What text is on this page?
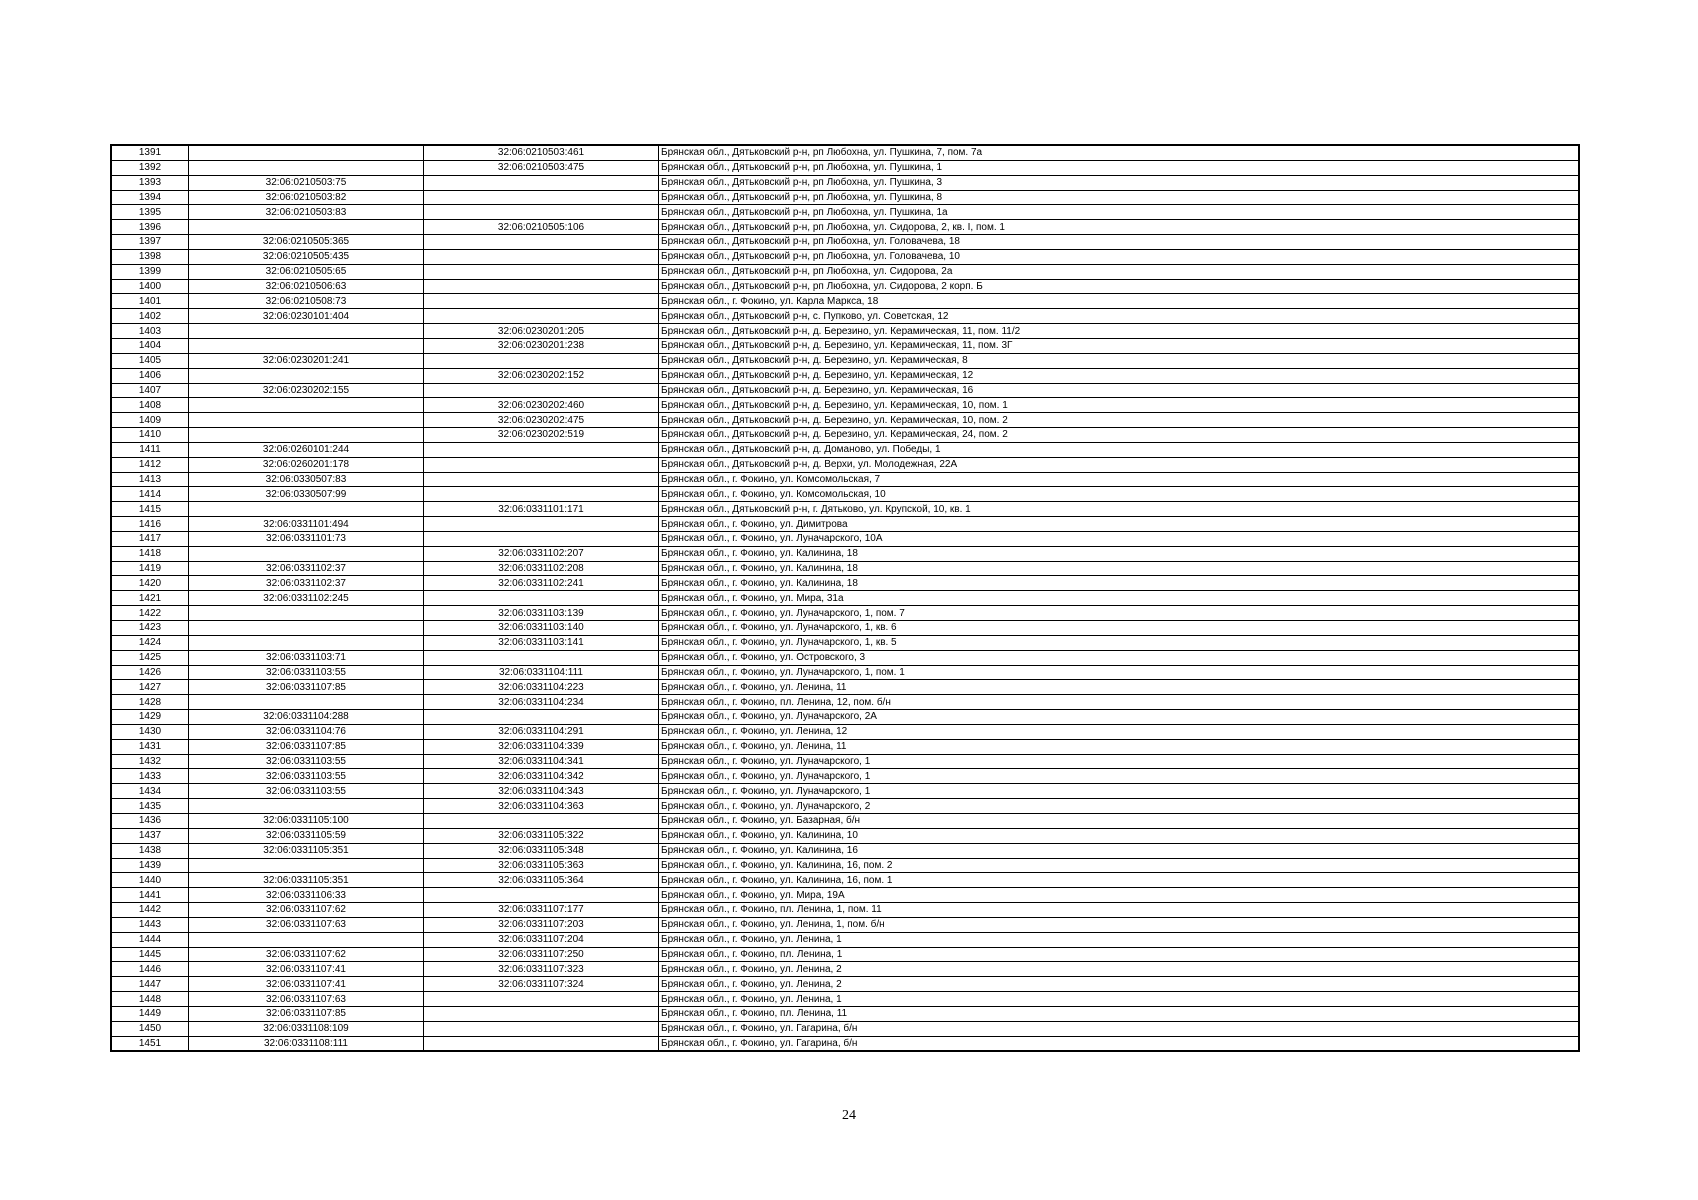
1391		32:06:0210503:461	Брянская обл., Дятьковский р-н, рп Любохна, ул. Пушкина, 7, пом. 7а
1392		32:06:0210503:475	Брянская обл., Дятьковский р-н, рп Любохна, ул. Пушкина, 1
1393	32:06:0210503:75		Брянская обл., Дятьковский р-н, рп Любохна, ул. Пушкина, 3
1394	32:06:0210503:82		Брянская обл., Дятьковский р-н, рп Любохна, ул. Пушкина, 8
1395	32:06:0210503:83		Брянская обл., Дятьковский р-н, рп Любохна, ул. Пушкина, 1а
1396		32:06:0210505:106	Брянская обл., Дятьковский р-н, рп Любохна, ул. Сидорова, 2, кв. I, пом. 1
1397	32:06:0210505:365		Брянская обл., Дятьковский р-н, рп Любохна, ул. Головачева, 18
1398	32:06:0210505:435		Брянская обл., Дятьковский р-н, рп Любохна, ул. Головачева, 10
1399	32:06:0210505:65		Брянская обл., Дятьковский р-н, рп Любохна, ул. Сидорова, 2а
1400	32:06:0210506:63		Брянская обл., Дятьковский р-н, рп Любохна, ул. Сидорова, 2 корп. Б
1401	32:06:0210508:73		Брянская обл., г. Фокино, ул. Карла Маркса, 18
1402	32:06:0230101:404		Брянская обл., Дятьковский р-н, с. Пупково, ул. Советская, 12
1403		32:06:0230201:205	Брянская обл., Дятьковский р-н, д. Березино, ул. Керамическая, 11, пом. 11/2
1404		32:06:0230201:238	Брянская обл., Дятьковский р-н, д. Березино, ул. Керамическая, 11, пом. 3Г
1405	32:06:0230201:241		Брянская обл., Дятьковский р-н, д. Березино, ул. Керамическая, 8
1406		32:06:0230202:152	Брянская обл., Дятьковский р-н, д. Березино, ул. Керамическая, 12
1407	32:06:0230202:155		Брянская обл., Дятьковский р-н, д. Березино, ул. Керамическая, 16
1408		32:06:0230202:460	Брянская обл., Дятьковский р-н, д. Березино, ул. Керамическая, 10, пом. 1
1409		32:06:0230202:475	Брянская обл., Дятьковский р-н, д. Березино, ул. Керамическая, 10, пом. 2
1410		32:06:0230202:519	Брянская обл., Дятьковский р-н, д. Березино, ул. Керамическая, 24, пом. 2
1411	32:06:0260101:244		Брянская обл., Дятьковский р-н, д. Доманово, ул. Победы, 1
1412	32:06:0260201:178		Брянская обл., Дятьковский р-н, д. Верхи, ул. Молодежная, 22А
1413	32:06:0330507:83		Брянская обл., г. Фокино, ул. Комсомольская, 7
1414	32:06:0330507:99		Брянская обл., г. Фокино, ул. Комсомольская, 10
1415		32:06:0331101:171	Брянская обл., Дятьковский р-н, г. Дятьково, ул. Крупской, 10, кв. 1
1416	32:06:0331101:494		Брянская обл., г. Фокино, ул. Димитрова
1417	32:06:0331101:73		Брянская обл., г. Фокино, ул. Луначарского, 10А
1418		32:06:0331102:207	Брянская обл., г. Фокино, ул. Калинина, 18
1419	32:06:0331102:37	32:06:0331102:208	Брянская обл., г. Фокино, ул. Калинина, 18
1420	32:06:0331102:37	32:06:0331102:241	Брянская обл., г. Фокино, ул. Калинина, 18
1421	32:06:0331102:245		Брянская обл., г. Фокино, ул. Мира, 31а
1422		32:06:0331103:139	Брянская обл., г. Фокино, ул. Луначарского, 1, пом. 7
1423		32:06:0331103:140	Брянская обл., г. Фокино, ул. Луначарского, 1, кв. 6
1424		32:06:0331103:141	Брянская обл., г. Фокино, ул. Луначарского, 1, кв. 5
1425	32:06:0331103:71		Брянская обл., г. Фокино, ул. Островского, 3
1426	32:06:0331103:55	32:06:0331104:111	Брянская обл., г. Фокино, ул. Луначарского, 1, пом. 1
1427	32:06:0331107:85	32:06:0331104:223	Брянская обл., г. Фокино, ул. Ленина, 11
1428		32:06:0331104:234	Брянская обл., г. Фокино, пл. Ленина, 12, пом. б/н
1429	32:06:0331104:288		Брянская обл., г. Фокино, ул. Луначарского, 2А
1430	32:06:0331104:76	32:06:0331104:291	Брянская обл., г. Фокино, ул. Ленина, 12
1431	32:06:0331107:85	32:06:0331104:339	Брянская обл., г. Фокино, ул. Ленина, 11
1432	32:06:0331103:55	32:06:0331104:341	Брянская обл., г. Фокино, ул. Луначарского, 1
1433	32:06:0331103:55	32:06:0331104:342	Брянская обл., г. Фокино, ул. Луначарского, 1
1434	32:06:0331103:55	32:06:0331104:343	Брянская обл., г. Фокино, ул. Луначарского, 1
1435		32:06:0331104:363	Брянская обл., г. Фокино, ул. Луначарского, 2
1436	32:06:0331105:100		Брянская обл., г. Фокино, ул. Базарная, б/н
1437	32:06:0331105:59	32:06:0331105:322	Брянская обл., г. Фокино, ул. Калинина, 10
1438	32:06:0331105:351	32:06:0331105:348	Брянская обл., г. Фокино, ул. Калинина, 16
1439		32:06:0331105:363	Брянская обл., г. Фокино, ул. Калинина, 16, пом. 2
1440	32:06:0331105:351	32:06:0331105:364	Брянская обл., г. Фокино, ул. Калинина, 16, пом. 1
1441	32:06:0331106:33		Брянская обл., г. Фокино, ул. Мира, 19А
1442	32:06:0331107:62	32:06:0331107:177	Брянская обл., г. Фокино, пл. Ленина, 1, пом. 11
1443	32:06:0331107:63	32:06:0331107:203	Брянская обл., г. Фокино, ул. Ленина, 1, пом. б/н
1444		32:06:0331107:204	Брянская обл., г. Фокино, ул. Ленина, 1
1445	32:06:0331107:62	32:06:0331107:250	Брянская обл., г. Фокино, пл. Ленина, 1
1446	32:06:0331107:41	32:06:0331107:323	Брянская обл., г. Фокино, ул. Ленина, 2
1447	32:06:0331107:41	32:06:0331107:324	Брянская обл., г. Фокино, ул. Ленина, 2
1448	32:06:0331107:63		Брянская обл., г. Фокино, ул. Ленина, 1
1449	32:06:0331107:85		Брянская обл., г. Фокино, пл. Ленина, 11
1450	32:06:0331108:109		Брянская обл., г. Фокино, ул. Гагарина, б/н
1451	32:06:0331108:111		Брянская обл., г. Фокино, ул. Гагарина, б/н
24
